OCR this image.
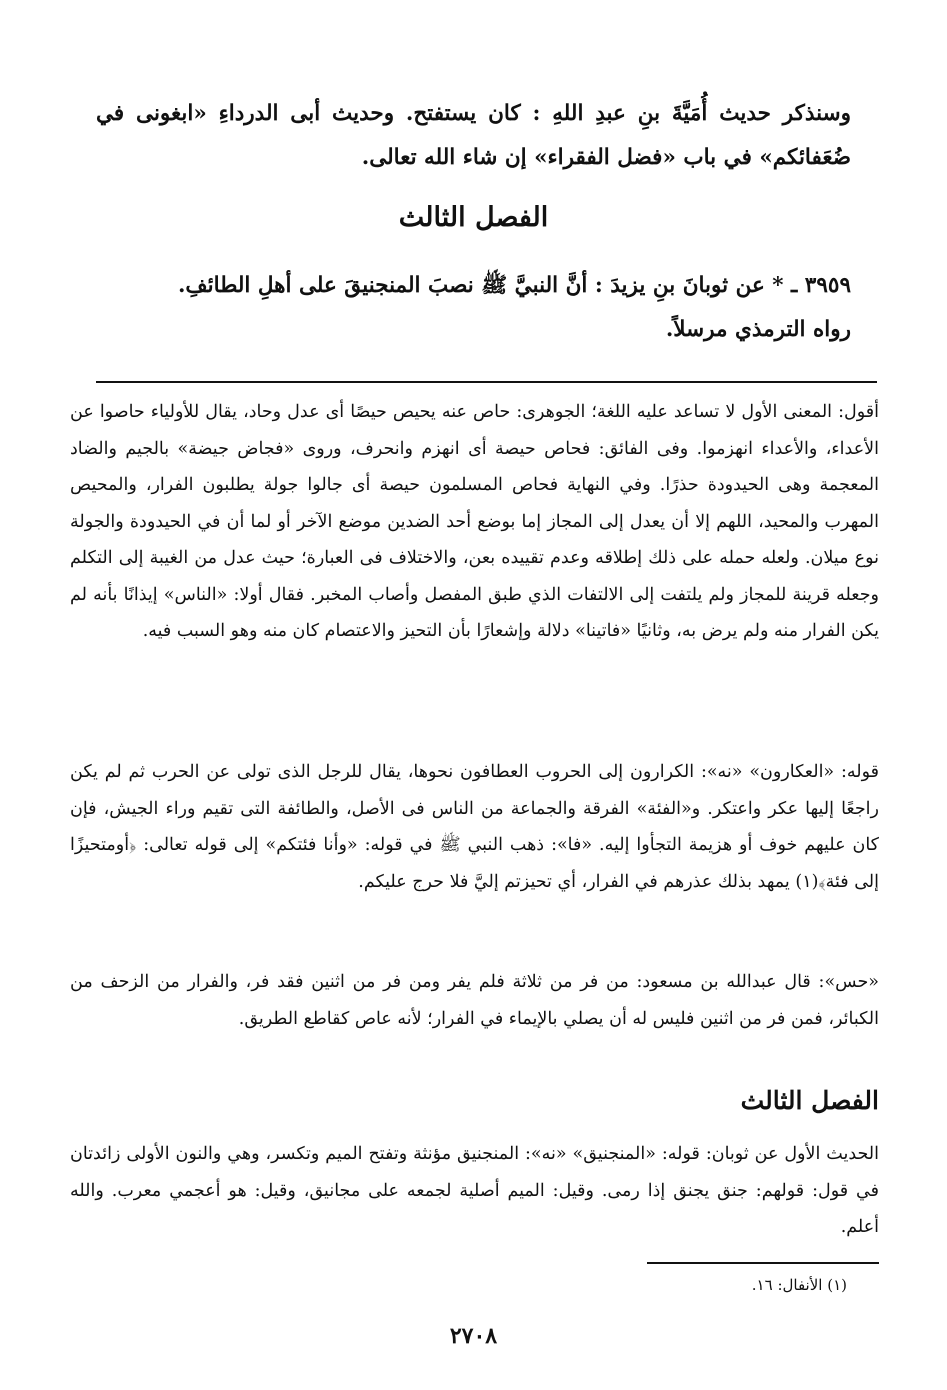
وسنذكر حديث أُمَيَّةَ بنِ عبدِ اللهِ : كان يستفتح. وحديث أبى الدرداءِ «ابغونى في ضُعَفائكم» في باب «فضل الفقراء» إن شاء الله تعالى.
الفصل الثالث
٣٩٥٩ ـ * عن ثوبانَ بنِ يزيدَ : أنَّ النبيَّ ﷺ نصبَ المنجنيقَ على أهلِ الطائفِ.
رواه الترمذي مرسلاً.

أقول: المعنى الأول لا تساعد عليه اللغة؛ الجوهرى: حاص عنه يحيص حيصًا أى عدل وحاد، يقال للأولياء حاصوا عن الأعداء، والأعداء انهزموا. وفى الفائق: فحاص حيصة أى انهزم وانحرف، وروى «فجاض جيضة» بالجيم والضاد المعجمة وهى الحيدودة حذرًا. وفي النهاية فحاص المسلمون حيصة أى جالوا جولة يطلبون الفرار، والمحيص المهرب والمحيد، اللهم إلا أن يعدل إلى المجاز إما بوضع أحد الضدين موضع الآخر أو لما أن في الحيدودة والجولة نوع ميلان. ولعله حمله على ذلك إطلاقه وعدم تقييده بعن، والاختلاف فى العبارة؛ حيث عدل من الغيبة إلى التكلم وجعله قرينة للمجاز ولم يلتفت إلى الالتفات الذي طبق المفصل وأصاب المخبر. فقال أولا: «الناس» إيذانًا بأنه لم يكن الفرار منه ولم يرض به، وثانيًا «فاتينا» دلالة وإشعارًا بأن التحيز والاعتصام كان منه وهو السبب فيه.

قوله: «العكارون» «نه»: الكرارون إلى الحروب العطافون نحوها، يقال للرجل الذى تولى عن الحرب ثم لم يكن راجعًا إليها عكر واعتكر. و«الفئة» الفرقة والجماعة من الناس فى الأصل، والطائفة التى تقيم وراء الجيش، فإن كان عليهم خوف أو هزيمة التجأوا إليه. «فا»: ذهب النبي ﷺ في قوله: «وأنا فئتكم» إلى قوله تعالى: ﴿أومتحيزًا إلى فئة﴾(١) يمهد بذلك عذرهم في الفرار، أي تحيزتم إليَّ فلا حرج عليكم.

«حس»: قال عبدالله بن مسعود: من فر من ثلاثة فلم يفر ومن فر من اثنين فقد فر، والفرار من الزحف من الكبائر، فمن فر من اثنين فليس له أن يصلي بالإيماء في الفرار؛ لأنه عاص كقاطع الطريق.

الفصل الثالث

الحديث الأول عن ثوبان: قوله: «المنجنيق» «نه»: المنجنيق مؤنثة وتفتح الميم وتكسر، وهي والنون الأولى زائدتان في قول: قولهم: جنق يجنق إذا رمى. وقيل: الميم أصلية لجمعه على مجانيق، وقيل: هو أعجمي معرب. والله أعلم.

(١) الأنفال: ١٦.
٢٧٠٨
